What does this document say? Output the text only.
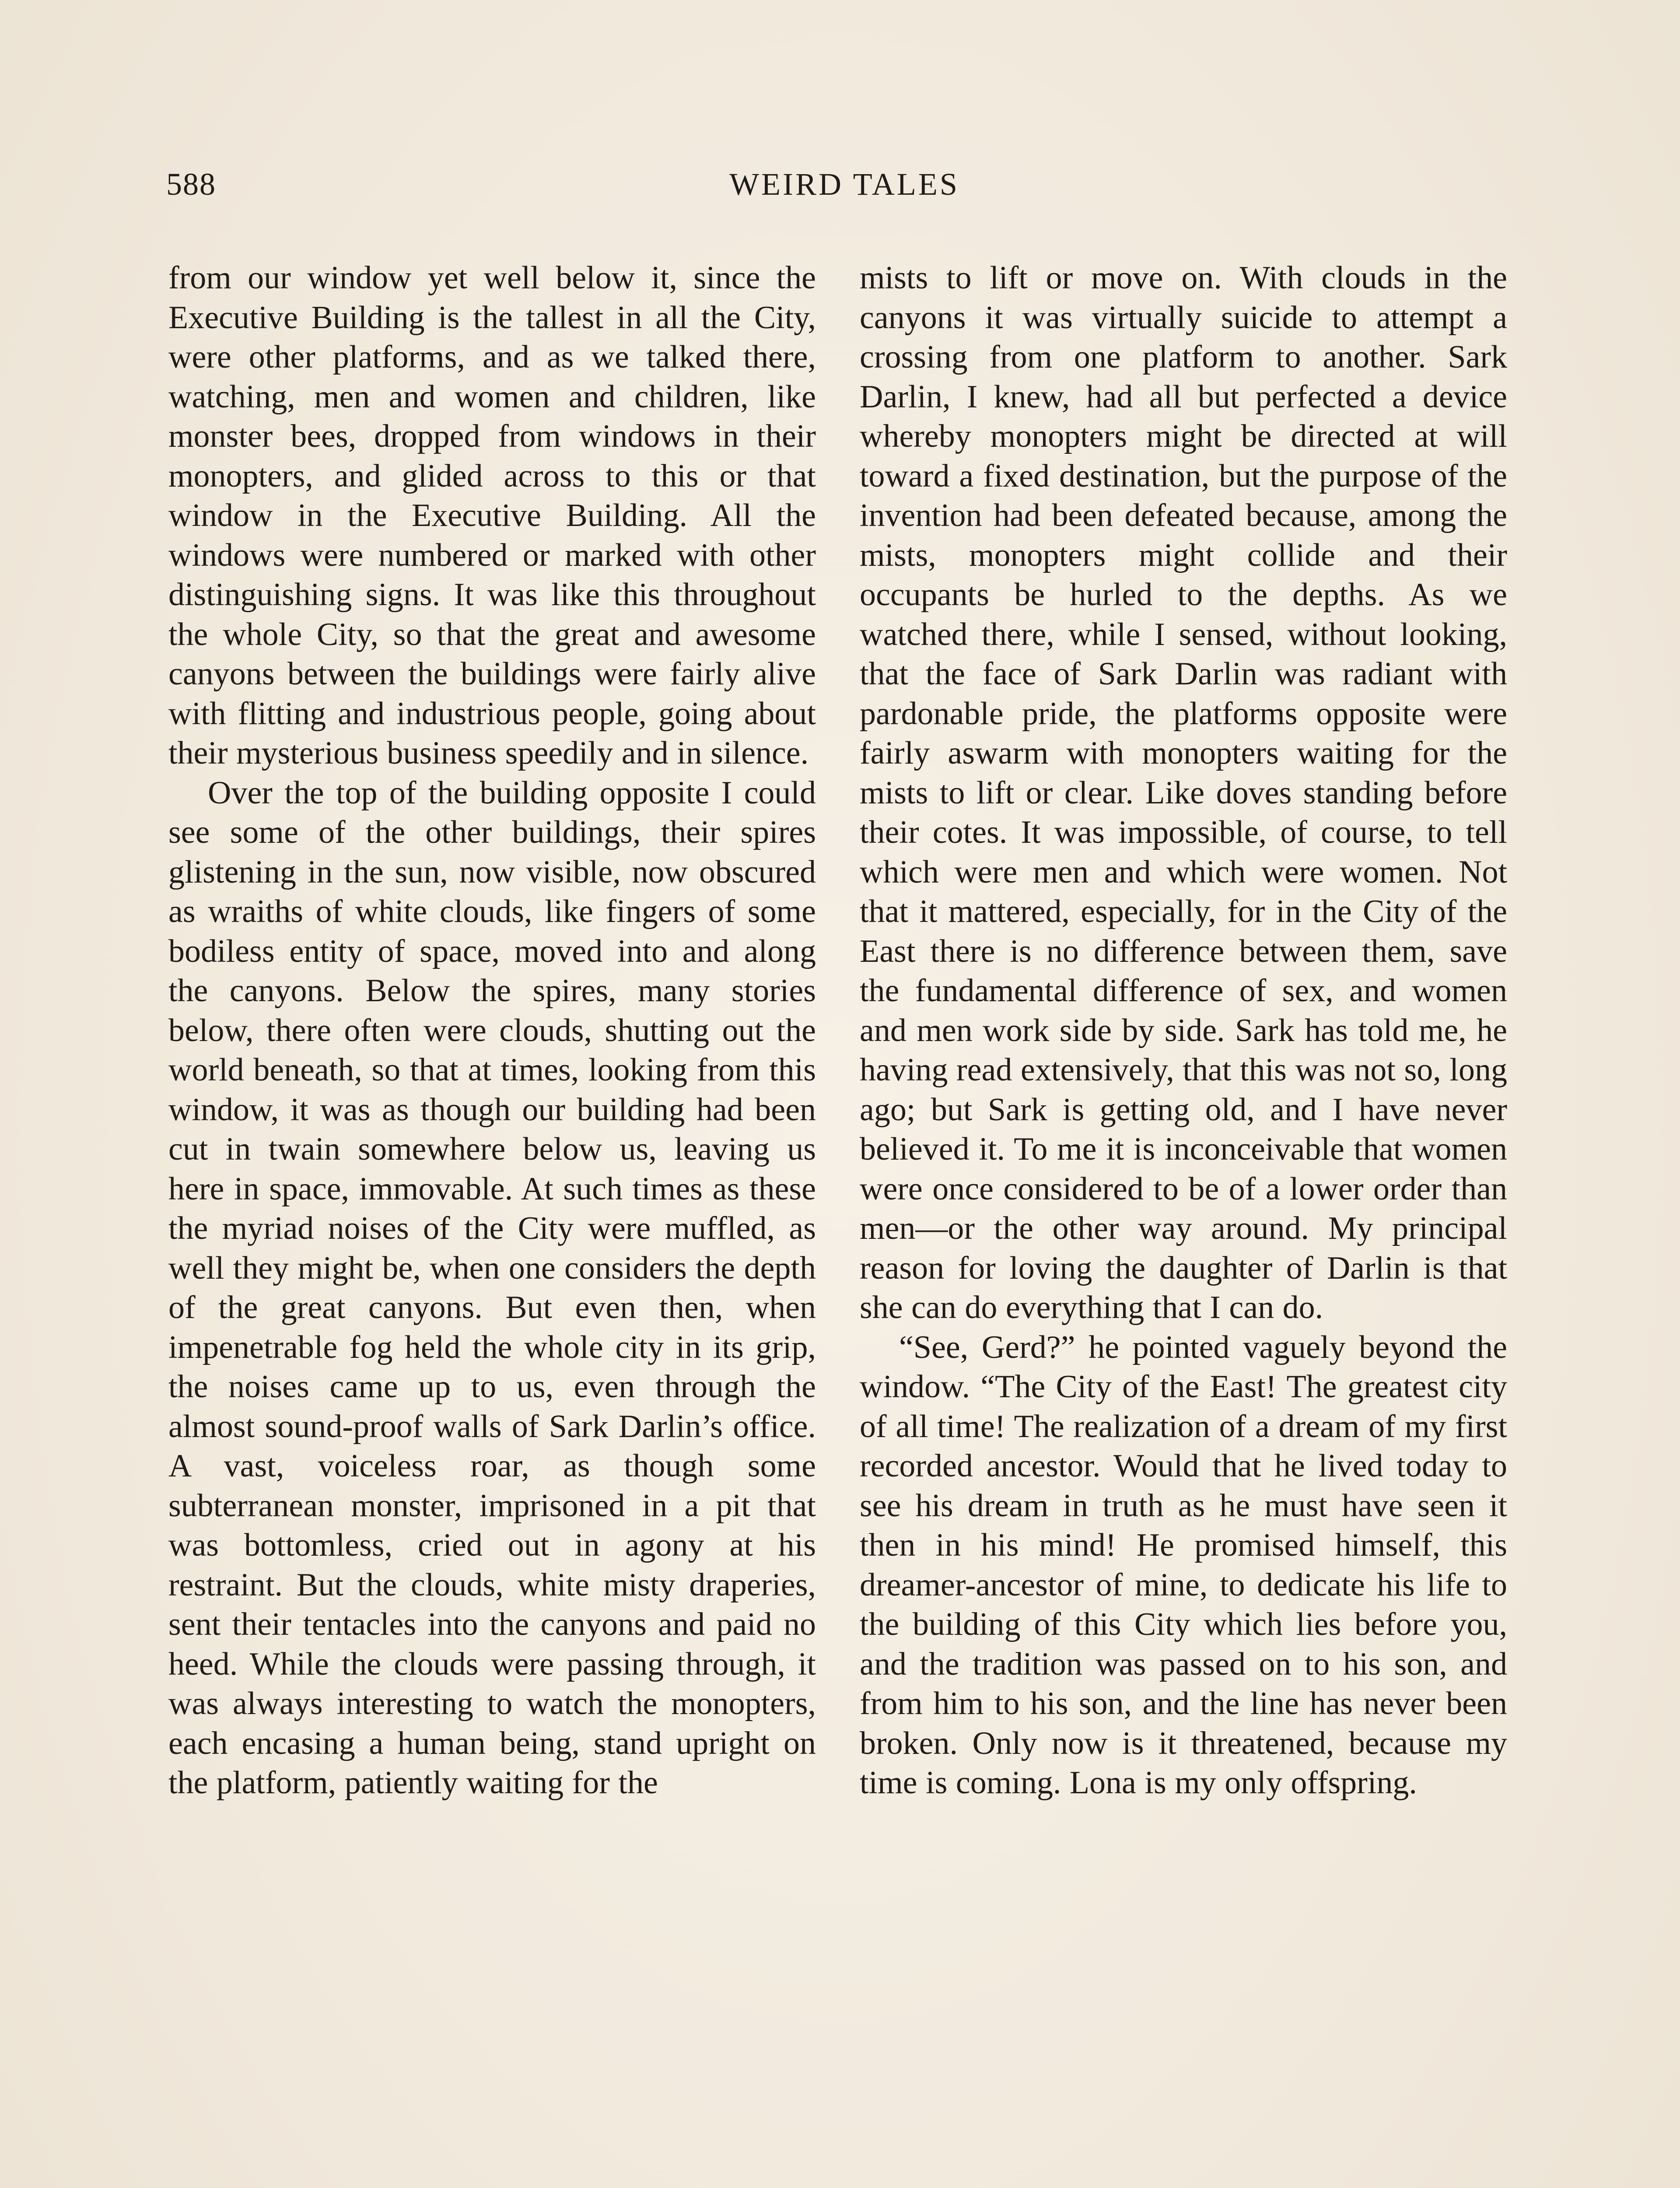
588	WEIRD TALES

from our window yet well below it, since the Executive Building is the tallest in all the City, were other platforms, and as we talked there, watching, men and women and children, like monster bees, dropped from windows in their monopters, and glided across to this or that window in the Executive Building. All the windows were numbered or marked with other distinguishing signs. It was like this throughout the whole City, so that the great and awesome canyons between the buildings were fairly alive with flitting and industrious people, going about their mysterious business speedily and in silence.

Over the top of the building opposite I could see some of the other buildings, their spires glistening in the sun, now visible, now obscured as wraiths of white clouds, like fingers of some bodiless entity of space, moved into and along the canyons. Below the spires, many stories below, there often were clouds, shutting out the world beneath, so that at times, looking from this window, it was as though our building had been cut in twain somewhere below us, leaving us here in space, immovable. At such times as these the myriad noises of the City were muffled, as well they might be, when one considers the depth of the great canyons. But even then, when impenetrable fog held the whole city in its grip, the noises came up to us, even through the almost sound-proof walls of Sark Darlin’s office. A vast, voiceless roar, as though some subterranean monster, imprisoned in a pit that was bottomless, cried out in agony at his restraint. But the clouds, white misty draperies, sent their tentacles into the canyons and paid no heed. While the clouds were passing through, it was always interesting to watch the monopters, each encasing a human being, stand upright on the platform, patiently waiting for the

mists to lift or move on. With clouds in the canyons it was virtually suicide to attempt a crossing from one platform to another. Sark Darlin, I knew, had all but perfected a device whereby monopters might be directed at will toward a fixed destination, but the purpose of the invention had been defeated because, among the mists, monopters might collide and their occupants be hurled to the depths. As we watched there, while I sensed, without looking, that the face of Sark Darlin was radiant with pardonable pride, the platforms opposite were fairly aswarm with monopters waiting for the mists to lift or clear. Like doves standing before their cotes. It was impossible, of course, to tell which were men and which were women. Not that it mattered, especially, for in the City of the East there is no difference between them, save the fundamental difference of sex, and women and men work side by side. Sark has told me, he having read extensively, that this was not so, long ago; but Sark is getting old, and I have never believed it. To me it is inconceivable that women were once considered to be of a lower order than men—or the other way around. My principal reason for loving the daughter of Darlin is that she can do everything that I can do.

“See, Gerd?” he pointed vaguely beyond the window. “The City of the East! The greatest city of all time! The realization of a dream of my first recorded ancestor. Would that he lived today to see his dream in truth as he must have seen it then in his mind! He promised himself, this dreamer-ancestor of mine, to dedicate his life to the building of this City which lies before you, and the tradition was passed on to his son, and from him to his son, and the line has never been broken. Only now is it threatened, because my time is coming. Lona is my only offspring.
